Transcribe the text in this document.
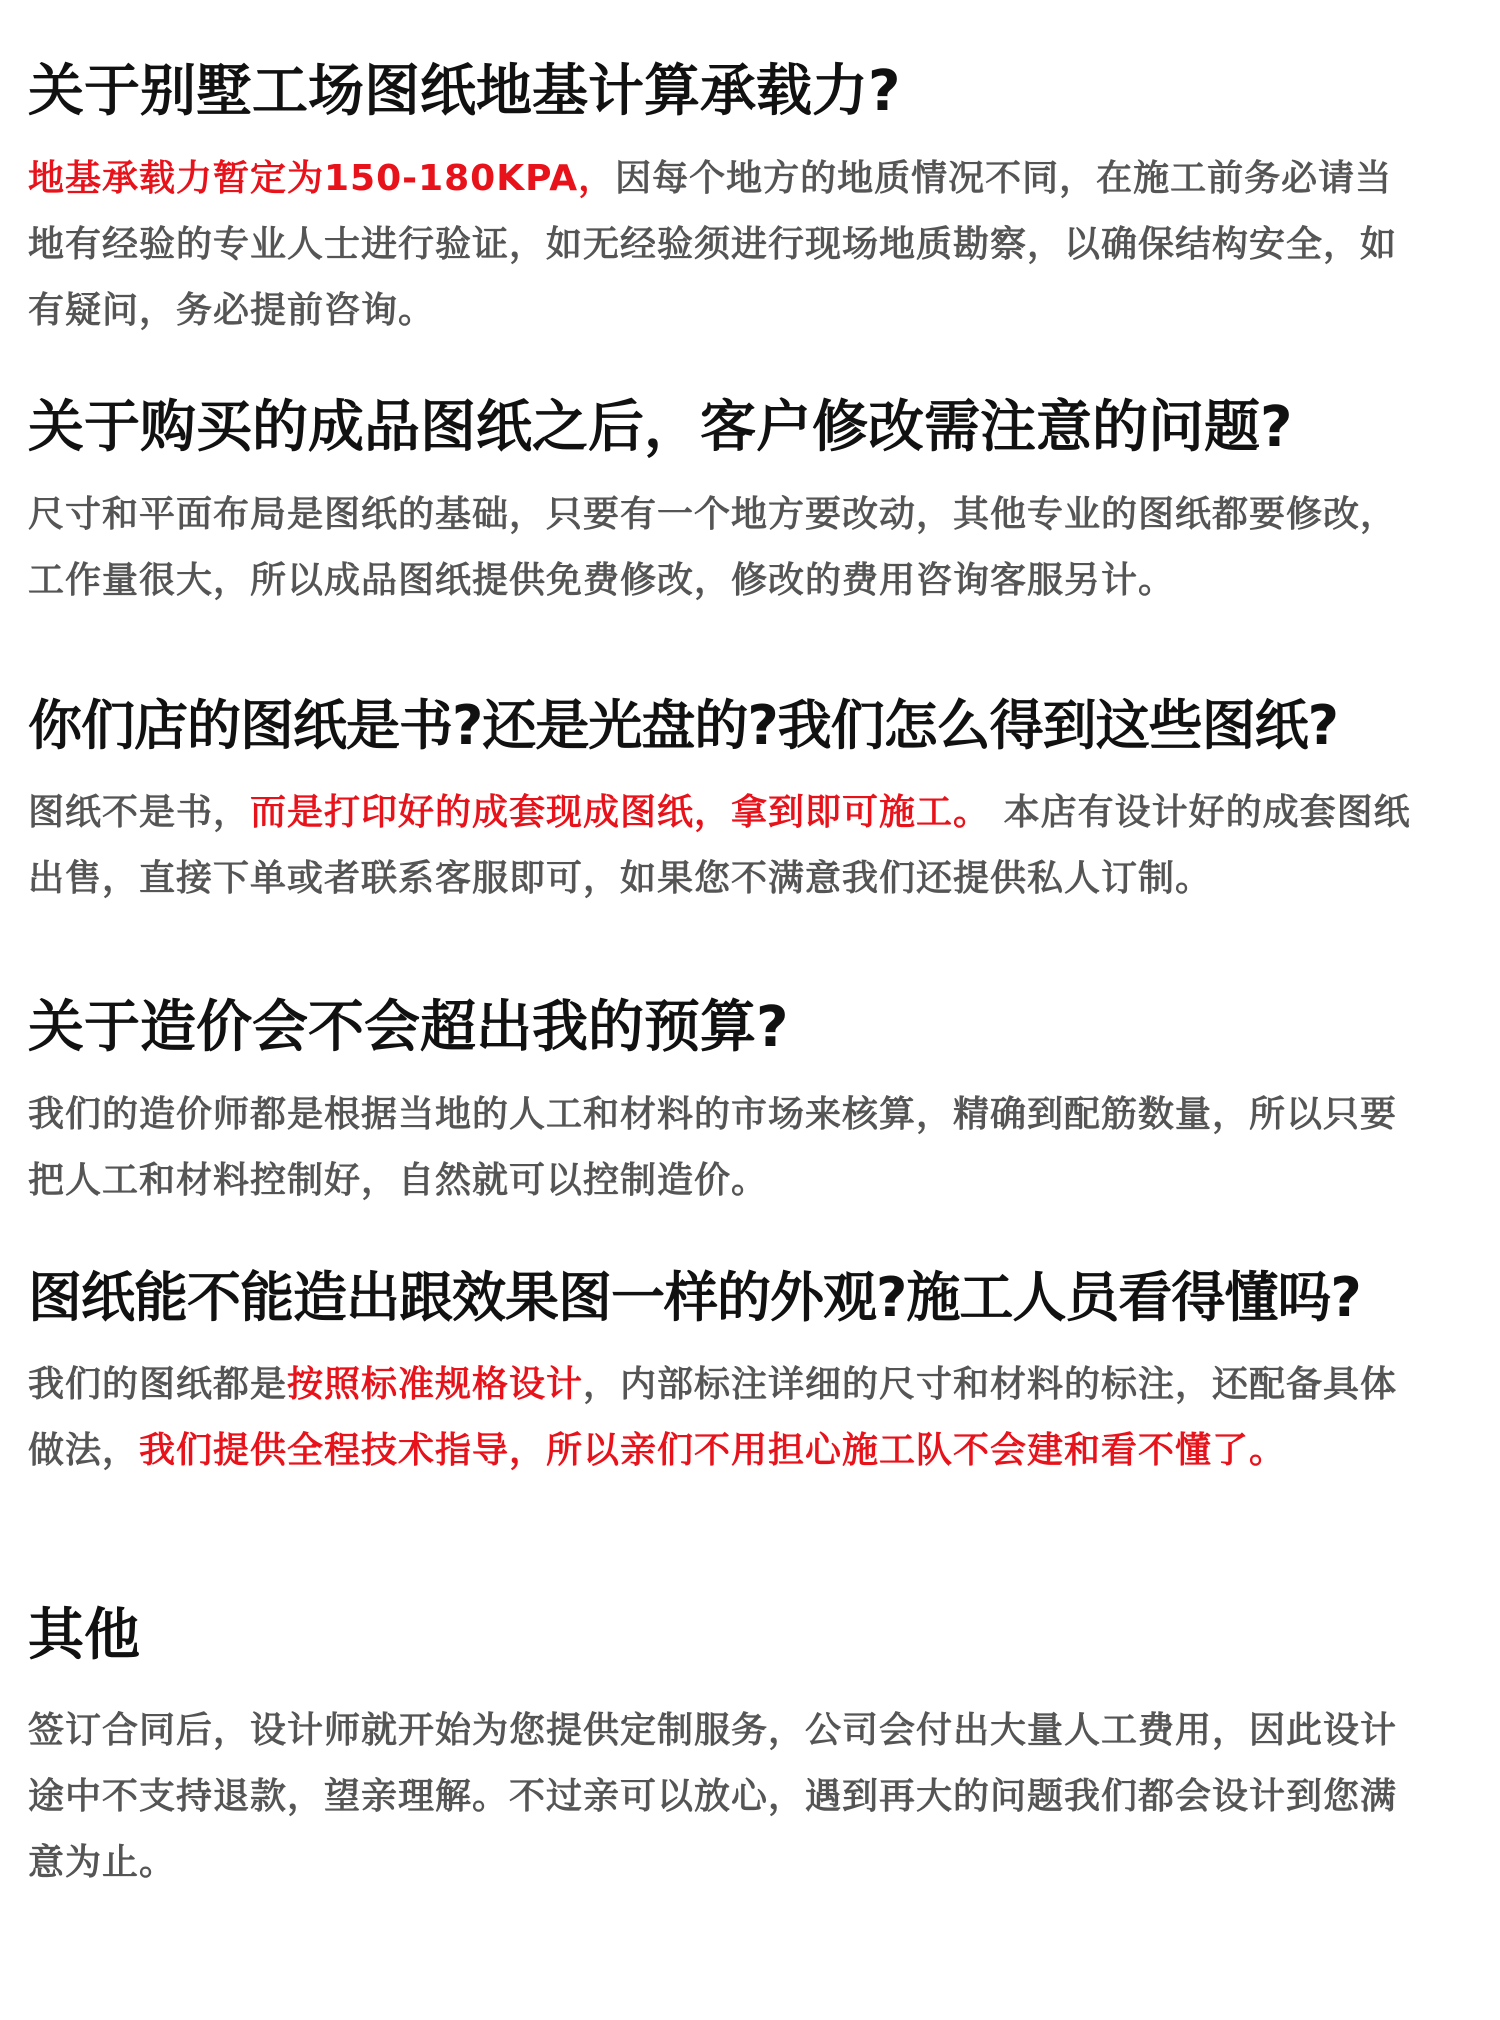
关于别墅工场图纸地基计算承载力?

地基承载力暂定为150-180KPA，因每个地方的地质情况不同，在施工前务必请当地有经验的专业人士进行验证，如无经验须进行现场地质勘察，以确保结构安全，如有疑问，务必提前咨询。

关于购买的成品图纸之后，客户修改需注意的问题?

尺寸和平面布局是图纸的基础，只要有一个地方要改动，其他专业的图纸都要修改，工作量很大，所以成品图纸提供免费修改，修改的费用咨询客服另计。

你们店的图纸是书?还是光盘的?我们怎么得到这些图纸?

图纸不是书，而是打印好的成套现成图纸，拿到即可施工。 本店有设计好的成套图纸出售，直接下单或者联系客服即可，如果您不满意我们还提供私人订制。

关于造价会不会超出我的预算?

我们的造价师都是根据当地的人工和材料的市场来核算，精确到配筋数量，所以只要把人工和材料控制好，自然就可以控制造价。

图纸能不能造出跟效果图一样的外观?施工人员看得懂吗?

我们的图纸都是按照标准规格设计，内部标注详细的尺寸和材料的标注，还配备具体做法，我们提供全程技术指导，所以亲们不用担心施工队不会建和看不懂了。

其他

签订合同后，设计师就开始为您提供定制服务，公司会付出大量人工费用，因此设计途中不支持退款，望亲理解。不过亲可以放心，遇到再大的问题我们都会设计到您满意为止。
